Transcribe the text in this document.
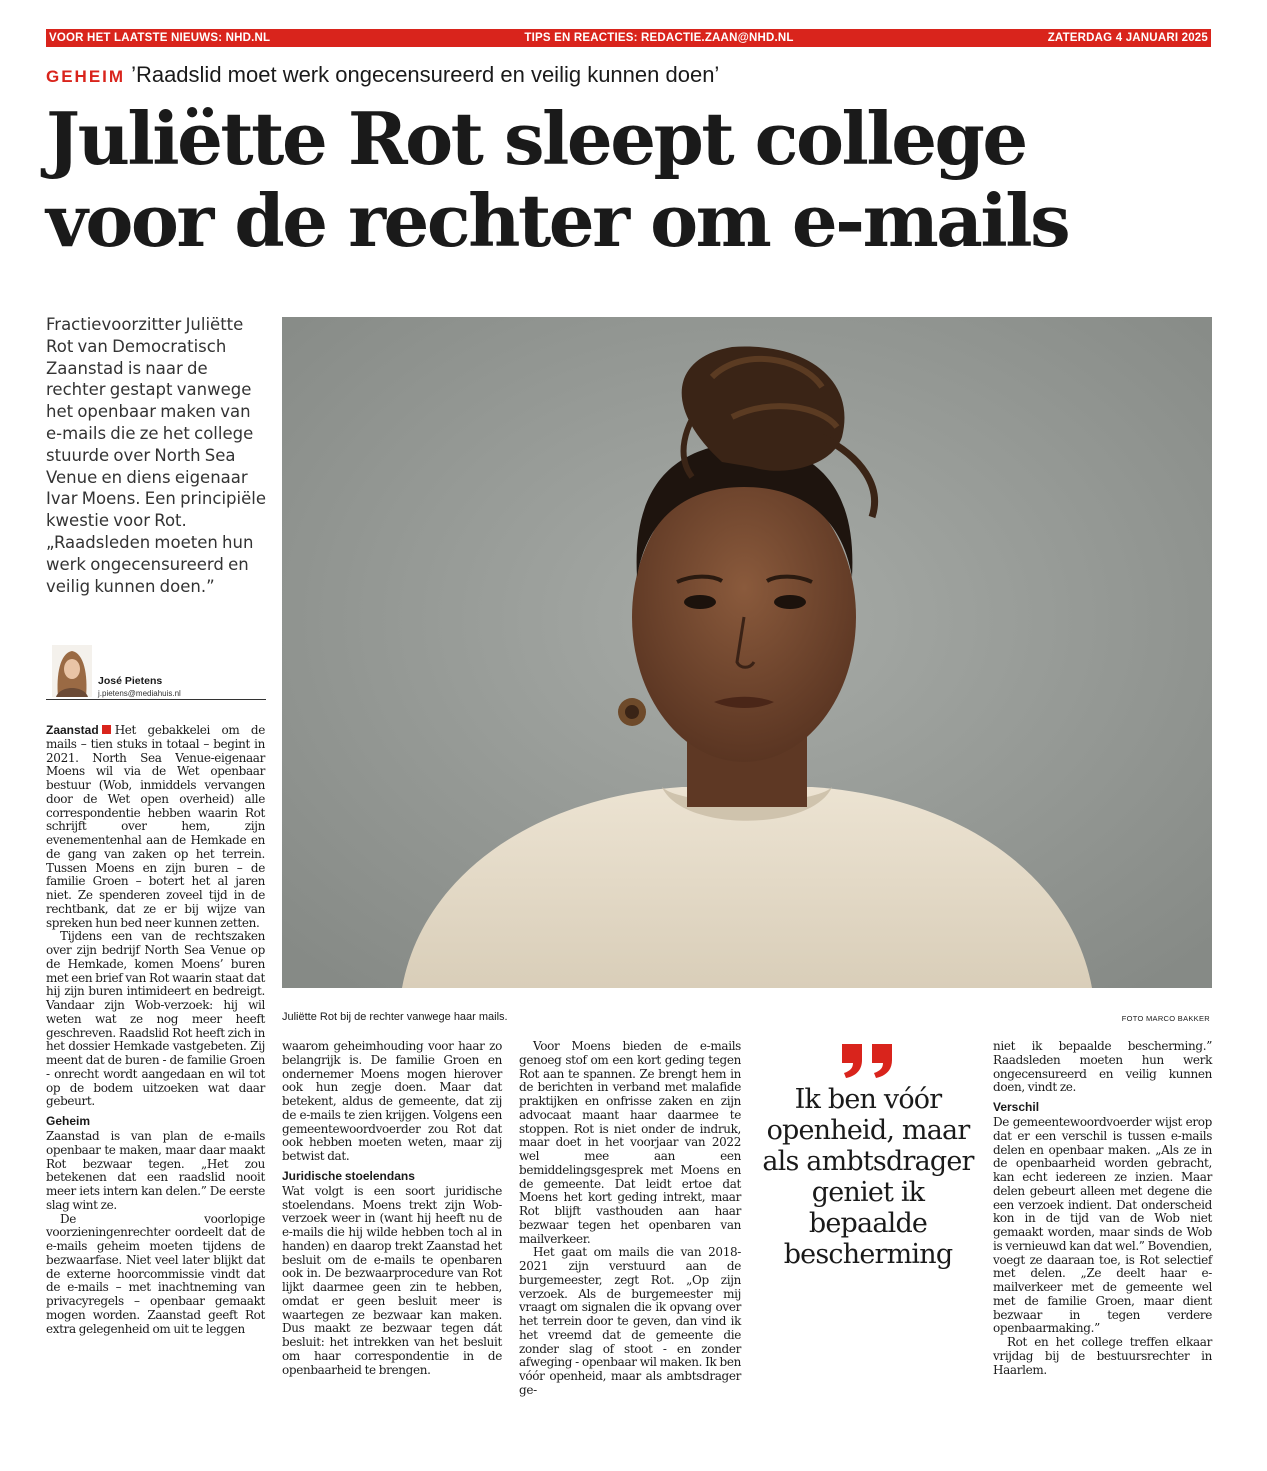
VOOR HET LAATSTE NIEUWS: NHD.NL	TIPS EN REACTIES: REDACTIE.ZAAN@NHD.NL	ZATERDAG 4 JANUARI 2025
GEHEIM ’Raadslid moet werk ongecensureerd en veilig kunnen doen’
Juliëtte Rot sleept college
voor de rechter om e-mails

Fractievoorzitter Juliëtte Rot van Democratisch Zaanstad is naar de rechter gestapt vanwege het openbaar maken van e-mails die ze het college stuurde over North Sea Venue en diens eigenaar Ivar Moens. Een principiële kwestie voor Rot. „Raadsleden moeten hun werk ongecensureerd en veilig kunnen doen.”

José Pietens
j.pietens@mediahuis.nl
Juliëtte Rot bij de rechter vanwege haar mails.	FOTO MARCO BAKKER

Zaanstad Het gebakkelei om de mails – tien stuks in totaal – begint in 2021. North Sea Venue-eigenaar Moens wil via de Wet openbaar bestuur (Wob, inmiddels vervangen door de Wet open overheid) alle correspondentie hebben waarin Rot schrijft over hem, zijn evenementenhal aan de Hemkade en de gang van zaken op het terrein. Tussen Moens en zijn buren – de familie Groen – botert het al jaren niet. Ze spenderen zoveel tijd in de rechtbank, dat ze er bij wijze van spreken hun bed neer kunnen zetten.

Tijdens een van de rechtszaken over zijn bedrijf North Sea Venue op de Hemkade, komen Moens’ buren met een brief van Rot waarin staat dat hij zijn buren intimideert en bedreigt. Vandaar zijn Wob-verzoek: hij wil weten wat ze nog meer heeft geschreven. Raadslid Rot heeft zich in het dossier Hemkade vastgebeten. Zij meent dat de buren - de familie Groen - onrecht wordt aangedaan en wil tot op de bodem uitzoeken wat daar gebeurt.

Geheim

Zaanstad is van plan de e-mails openbaar te maken, maar daar maakt Rot bezwaar tegen. „Het zou betekenen dat een raadslid nooit meer iets intern kan delen.” De eerste slag wint ze.

De voorlopige voorzieningenrechter oordeelt dat de e-mails geheim moeten tijdens de bezwaarfase. Niet veel later blijkt dat de externe hoorcommissie vindt dat de e-mails – met inachtneming van privacyregels – openbaar gemaakt mogen worden. Zaanstad geeft Rot extra gelegenheid om uit te leggen

waarom geheimhouding voor haar zo belangrijk is. De familie Groen en ondernemer Moens mogen hierover ook hun zegje doen. Maar dat betekent, aldus de gemeente, dat zij de e-mails te zien krijgen. Volgens een gemeentewoordvoerder zou Rot dat ook hebben moeten weten, maar zij betwist dat.

Juridische stoelendans

Wat volgt is een soort juridische stoelendans. Moens trekt zijn Wob-verzoek weer in (want hij heeft nu de e-mails die hij wilde hebben toch al in handen) en daarop trekt Zaanstad het besluit om de e-mails te openbaren ook in. De bezwaarprocedure van Rot lijkt daarmee geen zin te hebben, omdat er geen besluit meer is waartegen ze bezwaar kan maken. Dus maakt ze bezwaar tegen dát besluit: het intrekken van het besluit om haar correspondentie in de openbaarheid te brengen.

Voor Moens bieden de e-mails genoeg stof om een kort geding tegen Rot aan te spannen. Ze brengt hem in de berichten in verband met malafide praktijken en onfrisse zaken en zijn advocaat maant haar daarmee te stoppen. Rot is niet onder de indruk, maar doet in het voorjaar van 2022 wel mee aan een bemiddelingsgesprek met Moens en de gemeente. Dat leidt ertoe dat Moens het kort geding intrekt, maar Rot blijft vasthouden aan haar bezwaar tegen het openbaren van mailverkeer.

Het gaat om mails die van 2018-2021 zijn verstuurd aan de burgemeester, zegt Rot. „Op zijn verzoek. Als de burgemeester mij vraagt om signalen die ik opvang over het terrein door te geven, dan vind ik het vreemd dat de gemeente die zonder slag of stoot - en zonder afweging - openbaar wil maken. Ik ben vóór openheid, maar als ambtsdrager ge-

Ik ben vóór openheid, maar als ambtsdrager geniet ik bepaalde bescherming

niet ik bepaalde bescherming.” Raadsleden moeten hun werk ongecensureerd en veilig kunnen doen, vindt ze.

Verschil

De gemeentewoordvoerder wijst erop dat er een verschil is tussen e-mails delen en openbaar maken. „Als ze in de openbaarheid worden gebracht, kan echt iedereen ze inzien. Maar delen gebeurt alleen met degene die een verzoek indient. Dat onderscheid kon in de tijd van de Wob niet gemaakt worden, maar sinds de Wob is vernieuwd kan dat wel.” Bovendien, voegt ze daaraan toe, is Rot selectief met delen. „Ze deelt haar e-mailverkeer met de gemeente wel met de familie Groen, maar dient bezwaar in tegen verdere openbaarmaking.”

Rot en het college treffen elkaar vrijdag bij de bestuursrechter in Haarlem.
